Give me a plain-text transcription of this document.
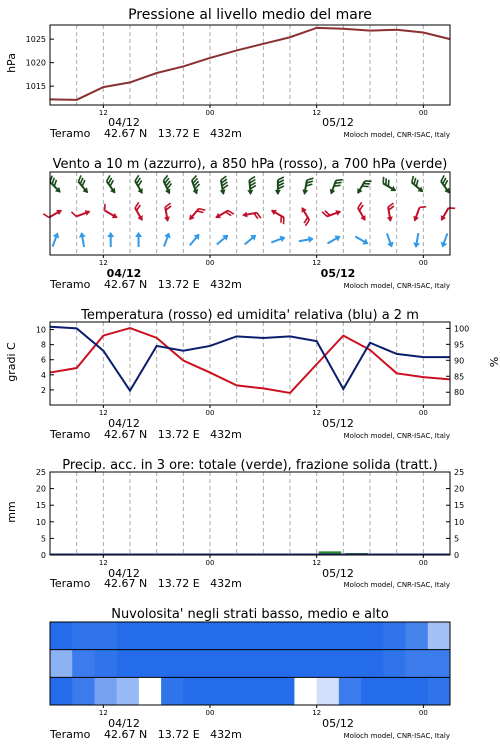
Pressione al livello medio del mare
Vento a 10 m (azzurro), a 850 hPa (rosso), a 700 hPa (verde)
Temperatura (rosso) ed umidita' relativa (blu) a 2 m
Precip. acc. in 3 ore: totale (verde), frazione solida (tratt.)
Nuvolosita' negli strati basso, medio e alto
hPa
gradi C	%
mm
Teramo 42.67 N   13.72 E   432m	Moloch model, CNR-ISAC, Italy
Teramo 42.67 N   13.72 E   432m	Moloch model, CNR-ISAC, Italy
Teramo 42.67 N   13.72 E   432m	Moloch model, CNR-ISAC, Italy
Teramo 42.67 N   13.72 E   432m	Moloch model, CNR-ISAC, Italy
Teramo 42.67 N   13.72 E   432m	Moloch model, CNR-ISAC, Italy
04/12	05/12
04/12	05/12
04/12	05/12
04/12	05/12
04/12	05/12
12	00	12	00
12	00	12	00
12	00	12	00
12	00	12	00
12	00	12	00
1015
1020
1025
2
4
6
8
10
80
85
90
95
100
0	0
5	5
10	10
15	15
20	20
25	25
